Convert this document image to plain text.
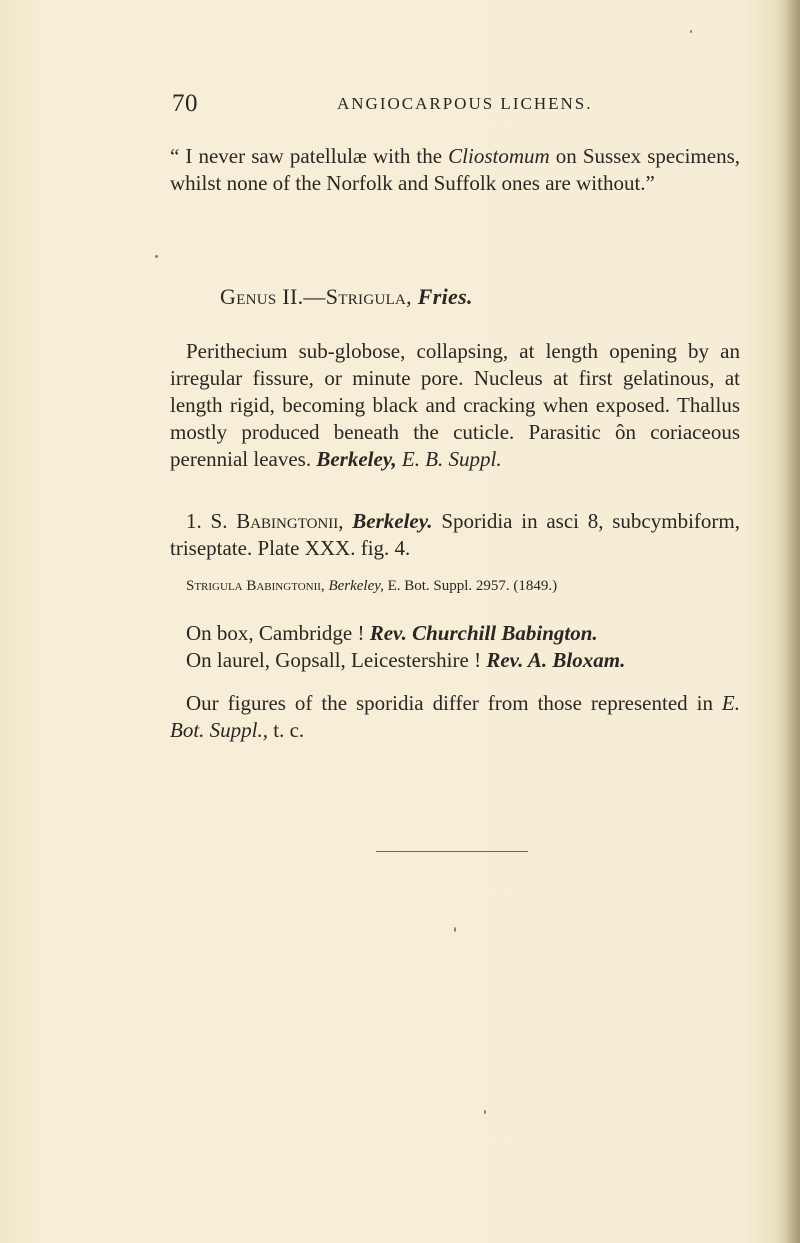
70	ANGIOCARPOUS LICHENS.

“ I never saw patellulæ with the Cliostomum on Sussex specimens, whilst none of the Norfolk and Suffolk ones are without.”

Genus II.—Strigula, Fries.

Perithecium sub-globose, collapsing, at length opening by an irregular fissure, or minute pore. Nucleus at first gelatinous, at length rigid, becoming black and cracking when exposed. Thallus mostly produced beneath the cuticle. Parasitic ôn coriaceous perennial leaves. Berkeley, E. B. Suppl.

1. S. Babingtonii, Berkeley. Sporidia in asci 8, subcymbiform, triseptate. Plate XXX. fig. 4.

Strigula Babingtonii, Berkeley, E. Bot. Suppl. 2957. (1849.)

On box, Cambridge ! Rev. Churchill Babington.
On laurel, Gopsall, Leicestershire ! Rev. A. Bloxam.

Our figures of the sporidia differ from those represented in E. Bot. Suppl., t. c.
